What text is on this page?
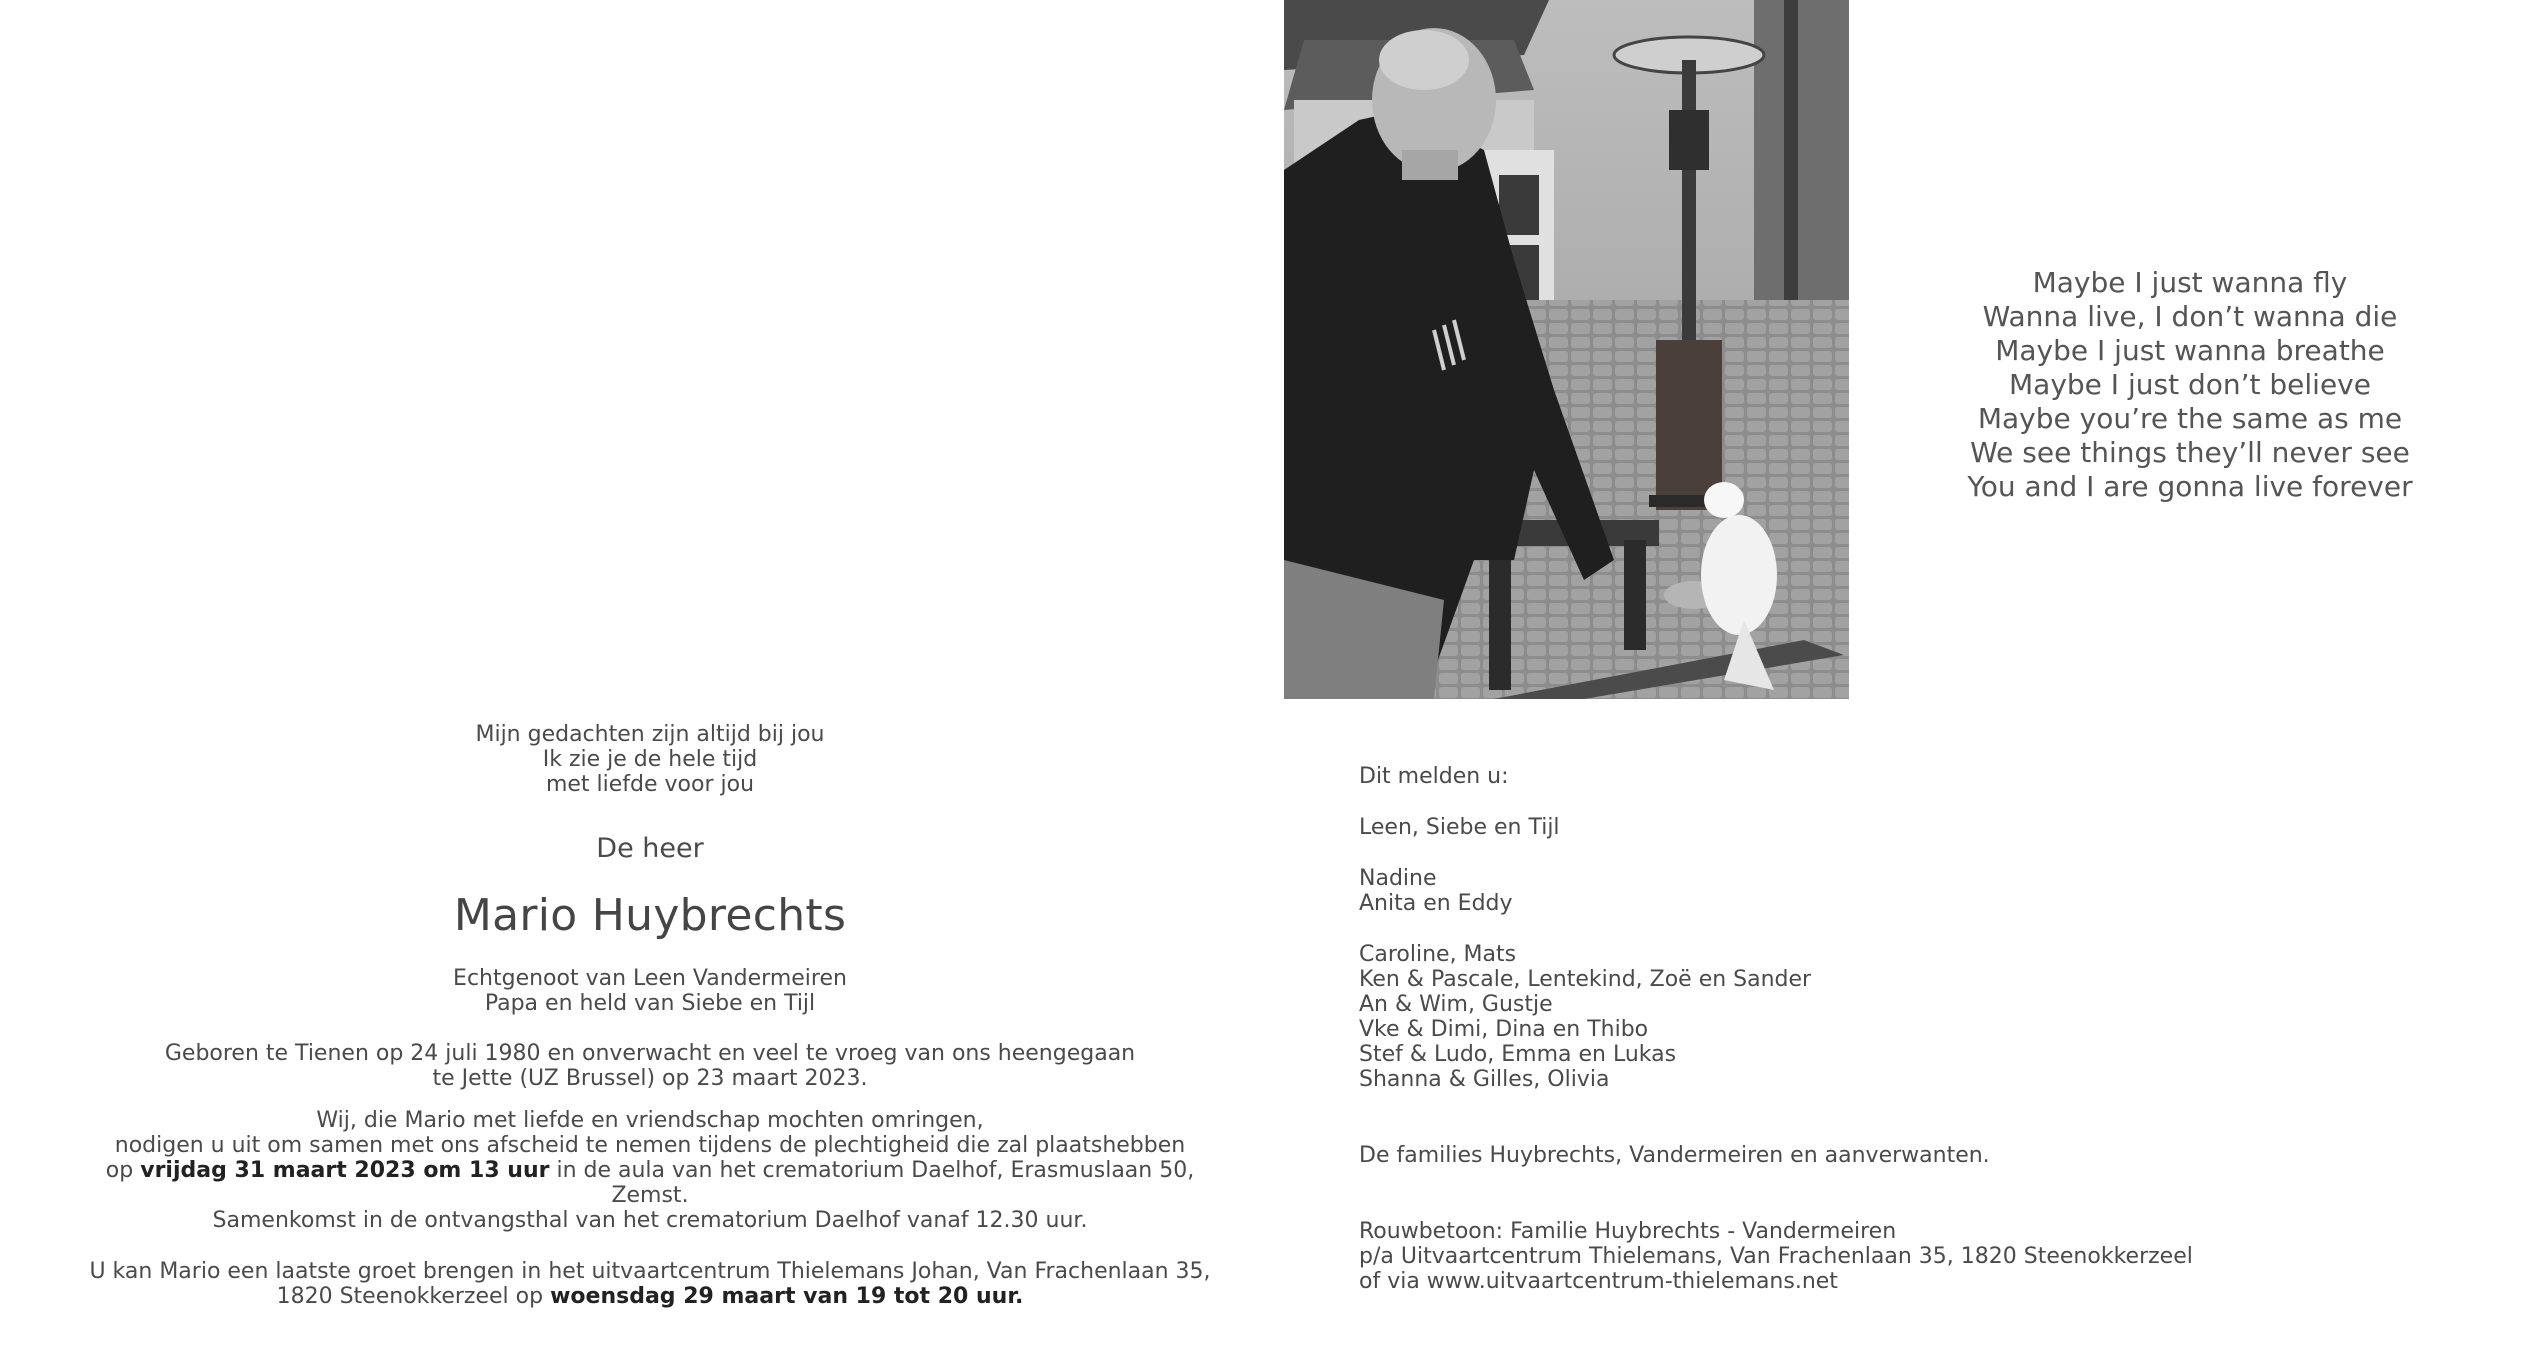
Mijn gedachten zijn altijd bij jou
Ik zie je de hele tijd
met liefde voor jou
De heer
Mario Huybrechts
Echtgenoot van Leen Vandermeiren
Papa en held van Siebe en Tijl
Geboren te Tienen op 24 juli 1980 en onverwacht en veel te vroeg van ons heengegaan
te Jette (UZ Brussel) op 23 maart 2023.
Wij, die Mario met liefde en vriendschap mochten omringen,
nodigen u uit om samen met ons afscheid te nemen tijdens de plechtigheid die zal plaatshebben
op vrijdag 31 maart 2023 om 13 uur in de aula van het crematorium Daelhof, Erasmuslaan 50, Zemst.
Samenkomst in de ontvangsthal van het crematorium Daelhof vanaf 12.30 uur.
U kan Mario een laatste groet brengen in het uitvaartcentrum Thielemans Johan, Van Frachenlaan 35,
1820 Steenokkerzeel op woensdag 29 maart van 19 tot 20 uur.
Maybe I just wanna fly
Wanna live, I don’t wanna die
Maybe I just wanna breathe
Maybe I just don’t believe
Maybe you’re the same as me
We see things they’ll never see
You and I are gonna live forever
Dit melden u:
Leen, Siebe en Tijl
Nadine
Anita en Eddy
Caroline, Mats
Ken & Pascale, Lentekind, Zoë en Sander
An & Wim, Gustje
Vke & Dimi, Dina en Thibo
Stef & Ludo, Emma en Lukas
Shanna & Gilles, Olivia
De families Huybrechts, Vandermeiren en aanverwanten.
Rouwbetoon: Familie Huybrechts - Vandermeiren
p/a Uitvaartcentrum Thielemans, Van Frachenlaan 35, 1820 Steenokkerzeel
of via www.uitvaartcentrum-thielemans.net
